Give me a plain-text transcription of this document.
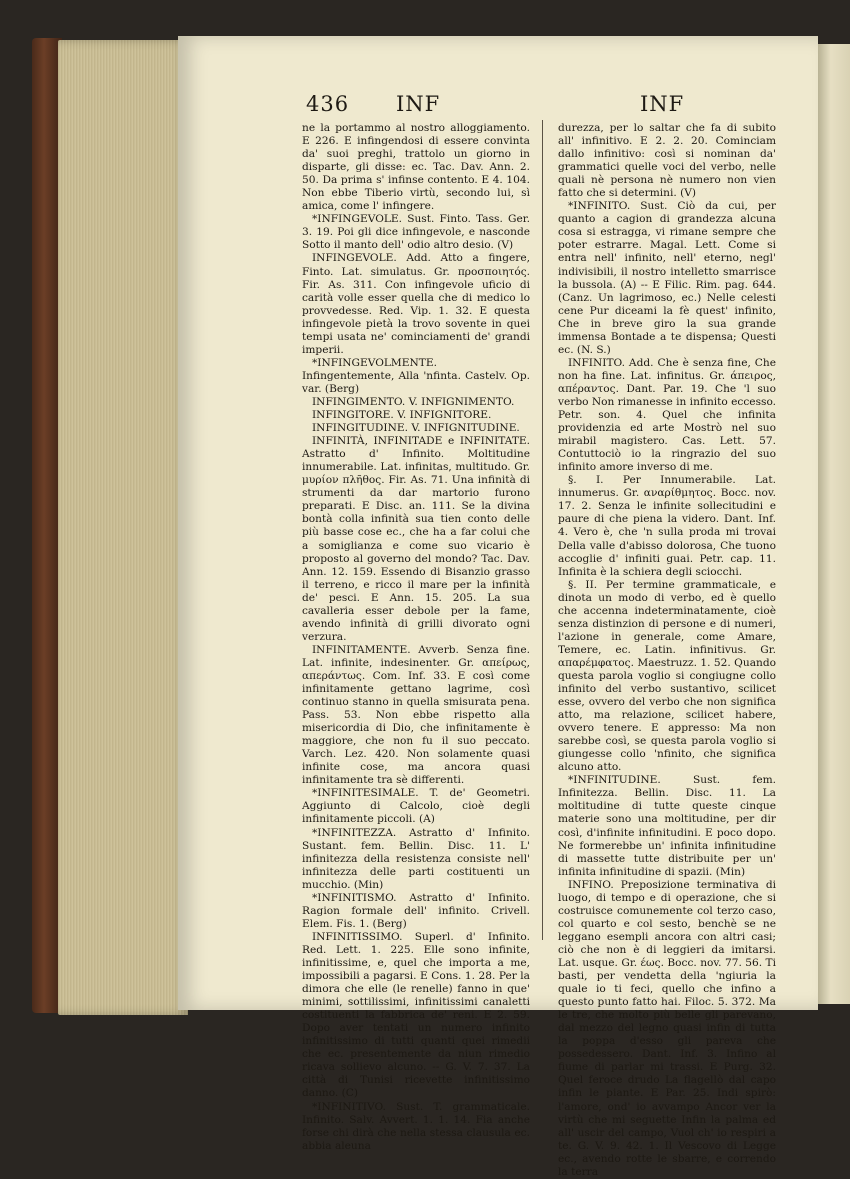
436 INF	INF

ne la portammo al nostro alloggiamento. E 226. E infingendosi di essere convinta da' suoi preghi, trattolo un giorno in disparte, gli disse: ec. Tac. Dav. Ann. 2. 50. Da prima s' infinse contento. E 4. 104. Non ebbe Tiberio virtù, secondo lui, sì amica, come l' infingere.

*INFINGEVOLE. Sust. Finto. Tass. Ger. 3. 19. Poi gli dice infingevole, e nasconde Sotto il manto dell' odio altro desio. (V)

INFINGEVOLE. Add. Atto a fingere, Finto. Lat. simulatus. Gr. προσποιητός. Fir. As. 311. Con infingevole uficio di carità volle esser quella che di medico lo provvedesse. Red. Vip. 1. 32. E questa infingevole pietà la trovo sovente in quei tempi usata ne' cominciamenti de' grandi imperii.

*INFINGEVOLMENTE. Infingentemente, Alla 'nfinta. Castelv. Op. var. (Berg)

INFINGIMENTO. V. INFIGNIMENTO.

INFINGITORE. V. INFIGNITORE.

INFINGITUDINE. V. INFIGNITUDINE.

INFINITÀ, INFINITADE e INFINITATE. Astratto d' Infinito. Moltitudine innumerabile. Lat. infinitas, multitudo. Gr. μυρίον πλῆθος. Fir. As. 71. Una infinità di strumenti da dar martorio furono preparati. E Disc. an. 111. Se la divina bontà colla infinità sua tien conto delle più basse cose ec., che ha a far colui che a somiglianza e come suo vicario è proposto al governo del mondo? Tac. Dav. Ann. 12. 159. Essendo di Bisanzio grasso il terreno, e ricco il mare per la infinità de' pesci. E Ann. 15. 205. La sua cavalleria esser debole per la fame, avendo infinità di grilli divorato ogni verzura.

INFINITAMENTE. Avverb. Senza fine. Lat. infinite, indesinenter. Gr. απείρως, απεράντως. Com. Inf. 33. E così come infinitamente gettano lagrime, così continuo stanno in quella smisurata pena. Pass. 53. Non ebbe rispetto alla misericordia di Dio, che infinitamente è maggiore, che non fu il suo peccato. Varch. Lez. 420. Non solamente quasi infinite cose, ma ancora quasi infinitamente tra sè differenti.

*INFINITESIMALE. T. de' Geometri. Aggiunto di Calcolo, cioè degli infinitamente piccoli. (A)

*INFINITEZZA. Astratto d' Infinito. Sustant. fem. Bellin. Disc. 11. L' infinitezza della resistenza consiste nell' infinitezza delle parti costituenti un mucchio. (Min)

*INFINITISMO. Astratto d' Infinito. Ragion formale dell' infinito. Crivell. Elem. Fis. 1. (Berg)

INFINITISSIMO. Superl. d' Infinito. Red. Lett. 1. 225. Elle sono infinite, infinitissime, e, quel che importa a me, impossibili a pagarsi. E Cons. 1. 28. Per la dimora che elle (le renelle) fanno in que' minimi, sottilissimi, infinitissimi canaletti costituenti la fabbrica de' reni. E 2. 59. Dopo aver tentati un numero infinito infinitissimo di tutti quanti quei rimedii che ec. presentemente da niun rimedio ricava sollievo alcuno. -- G. V. 7. 37. La città di Tunisi ricevette infinitissimo danno. (C)

*INFINITIVO. Sust. T. grammaticale. Infinito. Salv. Avvert. 1. 1. 14. Fia anche forse chi dirà che nella stessa clausula ec. abbia aleuna

durezza, per lo saltar che fa di subito all' infinitivo. E 2. 2. 20. Cominciam dallo infinitivo: così si nominan da' grammatici quelle voci del verbo, nelle quali nè persona nè numero non vien fatto che si determini. (V)

*INFINITO. Sust. Ciò da cui, per quanto a cagion di grandezza alcuna cosa si estragga, vi rimane sempre che poter estrarre. Magal. Lett. Come si entra nell' infinito, nell' eterno, negl' indivisibili, il nostro intelletto smarrisce la bussola. (A) -- E Filic. Rim. pag. 644. (Canz. Un lagrimoso, ec.) Nelle celesti cene Pur diceami la fè quest' infinito, Che in breve giro la sua grande immensa Bontade a te dispensa; Questi ec. (N. S.)

INFINITO. Add. Che è senza fine, Che non ha fine. Lat. infinitus. Gr. άπειρος, απέραντος. Dant. Par. 19. Che 'l suo verbo Non rimanesse in infinito eccesso. Petr. son. 4. Quel che infinita providenzia ed arte Mostrò nel suo mirabil magistero. Cas. Lett. 57. Contuttociò io la ringrazio del suo infinito amore inverso di me.

§. I. Per Innumerabile. Lat. innumerus. Gr. αναρίθμητος. Bocc. nov. 17. 2. Senza le infinite sollecitudini e paure di che piena la videro. Dant. Inf. 4. Vero è, che 'n sulla proda mi trovai Della valle d'abisso dolorosa, Che tuono accoglie d' infiniti guai. Petr. cap. 11. Infinita è la schiera degli sciocchi.

§. II. Per termine grammaticale, e dinota un modo di verbo, ed è quello che accenna indeterminatamente, cioè senza distinzion di persone e di numeri, l'azione in generale, come Amare, Temere, ec. Latin. infinitivus. Gr. απαρέμφατος. Maestruzz. 1. 52. Quando questa parola voglio si congiugne collo infinito del verbo sustantivo, scilicet esse, ovvero del verbo che non significa atto, ma relazione, scilicet habere, ovvero tenere. E appresso: Ma non sarebbe così, se questa parola voglio si giungesse collo 'nfinito, che significa alcuno atto.

*INFINITUDINE. Sust. fem. Infinitezza. Bellin. Disc. 11. La moltitudine di tutte queste cinque materie sono una moltitudine, per dir così, d'infinite infinitudini. E poco dopo. Ne formerebbe un' infinita infinitudine di massette tutte distribuite per un' infinita infinitudine di spazii. (Min)

INFINO. Preposizione terminativa di luogo, di tempo e di operazione, che si costruisce comunemente col terzo caso, col quarto e col sesto, benchè se ne leggano esempli ancora con altri casi; ciò che non è di leggieri da imitarsi. Lat. usque. Gr. έως. Bocc. nov. 77. 56. Ti basti, per vendetta della 'ngiuria la quale io ti feci, quello che infino a questo punto fatto hai. Filoc. 5. 372. Ma le tre, che molto più belle gli parevano, dal mezzo del legno quasi infin di tutta la poppa d'esso gli pareva che possedessero. Dant. Inf. 3. Infino al fiume di parlar mi trassi. E Purg. 32. Quel feroce drudo La flagellò dal capo infin le piante. E Par. 25. Indi spirò: l'amore, ond' io avvampo Ancor ver la virtù che mi seguette Infin la palma ed all' uscir del campo, Vuol ch' io respiri a te. G. V. 9. 42. 1. Il Vescovo di Legge ec., avendo rotte le sbarre, e correndo la terra
